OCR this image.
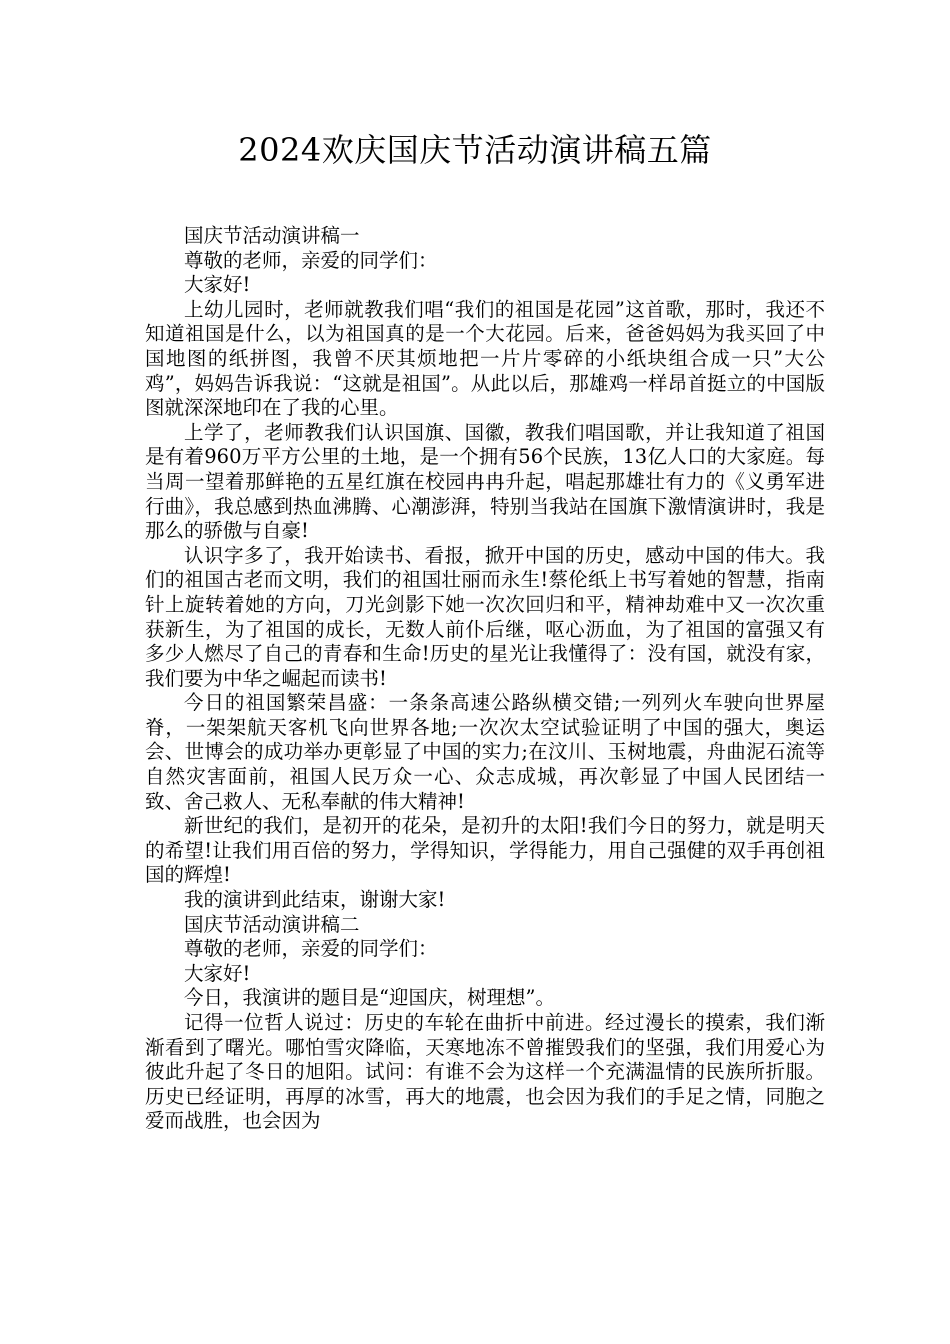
2024欢庆国庆节活动演讲稿五篇

国庆节活动演讲稿一

尊敬的老师，亲爱的同学们：

大家好!

上幼儿园时，老师就教我们唱“我们的祖国是花园”这首歌，那时，我还不知道祖国是什么，以为祖国真的是一个大花园。后来，爸爸妈妈为我买回了中国地图的纸拼图，我曾不厌其烦地把一片片零碎的小纸块组合成一只”大公鸡”，妈妈告诉我说：“这就是祖国”。从此以后，那雄鸡一样昂首挺立的中国版图就深深地印在了我的心里。

上学了，老师教我们认识国旗、国徽，教我们唱国歌，并让我知道了祖国是有着960万平方公里的土地，是一个拥有56个民族，13亿人口的大家庭。每当周一望着那鲜艳的五星红旗在校园冉冉升起，唱起那雄壮有力的《义勇军进行曲》，我总感到热血沸腾、心潮澎湃，特别当我站在国旗下激情演讲时，我是那么的骄傲与自豪!

认识字多了，我开始读书、看报，掀开中国的历史，感动中国的伟大。我们的祖国古老而文明，我们的祖国壮丽而永生!蔡伦纸上书写着她的智慧，指南针上旋转着她的方向，刀光剑影下她一次次回归和平，精神劫难中又一次次重获新生，为了祖国的成长，无数人前仆后继，呕心沥血，为了祖国的富强又有多少人燃尽了自己的青春和生命!历史的星光让我懂得了：没有国，就没有家，我们要为中华之崛起而读书!

今日的祖国繁荣昌盛：一条条高速公路纵横交错;一列列火车驶向世界屋脊，一架架航天客机飞向世界各地;一次次太空试验证明了中国的强大，奥运会、世博会的成功举办更彰显了中国的实力;在汶川、玉树地震，舟曲泥石流等自然灾害面前，祖国人民万众一心、众志成城，再次彰显了中国人民团结一致、舍己救人、无私奉献的伟大精神!

新世纪的我们，是初开的花朵，是初升的太阳!我们今日的努力，就是明天的希望!让我们用百倍的努力，学得知识，学得能力，用自己强健的双手再创祖国的辉煌!

我的演讲到此结束，谢谢大家!

国庆节活动演讲稿二

尊敬的老师，亲爱的同学们：

大家好!

今日，我演讲的题目是“迎国庆，树理想”。

记得一位哲人说过：历史的车轮在曲折中前进。经过漫长的摸索，我们渐渐看到了曙光。哪怕雪灾降临，天寒地冻不曾摧毁我们的坚强，我们用爱心为彼此升起了冬日的旭阳。试问：有谁不会为这样一个充满温情的民族所折服。历史已经证明，再厚的冰雪，再大的地震，也会因为我们的手足之情，同胞之爱而战胜，也会因为
